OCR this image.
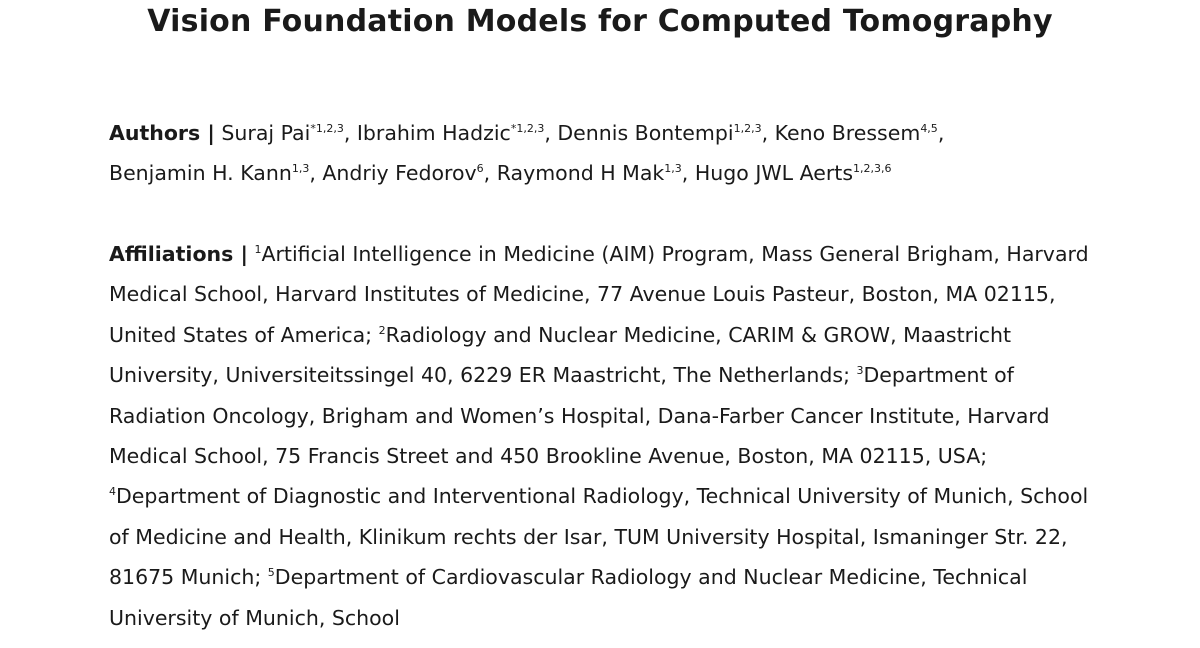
Vision Foundation Models for Computed Tomography
Authors | Suraj Pai$^{*1,2,3}$, Ibrahim Hadzic$^{*1,2,3}$, Dennis Bontempi$^{1,2,3}$, Keno Bressem$^{4,5}$,
Benjamin H. Kann$^{1,3}$, Andriy Fedorov$^6$, Raymond H Mak$^{1,3}$, Hugo JWL Aerts$^{1,2,3,6}$
Affiliations | $^1$Artificial Intelligence in Medicine (AIM) Program, Mass General Brigham, Harvard Medical School, Harvard Institutes of Medicine, 77 Avenue Louis Pasteur, Boston, MA 02115, United States of America; $^2$Radiology and Nuclear Medicine, CARIM & GROW, Maastricht University, Universiteitssingel 40, 6229 ER Maastricht, The Netherlands; $^3$Department of Radiation Oncology, Brigham and Women’s Hospital, Dana-Farber Cancer Institute, Harvard Medical School, 75 Francis Street and 450 Brookline Avenue, Boston, MA 02115, USA; $^4$Department of Diagnostic and Interventional Radiology, Technical University of Munich, School of Medicine and Health, Klinikum rechts der Isar, TUM University Hospital, Ismaninger Str. 22, 81675 Munich; $^5$Department of Cardiovascular Radiology and Nuclear Medicine, Technical University of Munich, School
